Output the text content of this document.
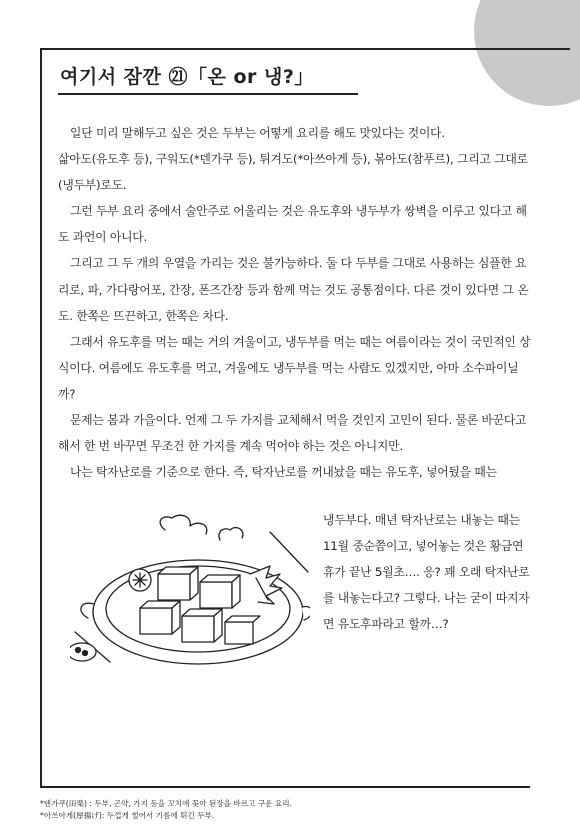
여기서 잠깐 ㉑「온 or 냉?」

일단 미리 말해두고 싶은 것은 두부는 어떻게 요리를 해도 맛있다는 것이다.

삶아도(유도후 등), 구워도(*덴가쿠 등), 튀겨도(*아쓰아게 등), 볶아도(참푸르), 그리고 그대로(냉두부)로도.

그런 두부 요리 중에서 술안주로 어울리는 것은 유도후와 냉두부가 쌍벽을 이루고 있다고 해도 과언이 아니다.

그리고 그 두 개의 우열을 가리는 것은 불가능하다. 둘 다 두부를 그대로 사용하는 심플한 요리로, 파, 가다랑어포, 간장, 폰즈간장 등과 함께 먹는 것도 공통점이다. 다른 것이 있다면 그 온도. 한쪽은 뜨끈하고, 한쪽은 차다.

그래서 유도후를 먹는 때는 거의 겨울이고, 냉두부를 먹는 때는 여름이라는 것이 국민적인 상식이다. 여름에도 유도후를 먹고, 겨울에도 냉두부를 먹는 사람도 있겠지만, 아마 소수파이닐까?

문제는 봄과 가을이다. 언제 그 두 가지를 교체해서 먹을 것인지 고민이 된다. 물론 바꾼다고 해서 한 번 바꾸면 무조건 한 가지를 계속 먹어야 하는 것은 아니지만.

나는 탁자난로를 기준으로 한다. 즉, 탁자난로를 꺼내놨을 때는 유도후, 넣어뒀을 때는

냉두부다. 매년 탁자난로는 내놓는 때는 11월 중순쯤이고, 넣어놓는 것은 황금연휴가 끝난 5월초…. 응? 꽤 오래 탁자난로를 내놓는다고? 그렇다. 나는 굳이 따지자면 유도후파라고 할까…?

*덴가쿠(田楽) : 두부, 곤약, 가지 등을 꼬치에 꽂아 된장을 바르고 구운 요리.
*아쓰아게(厚揚げ): 두껍게 썰어서 기름에 튀긴 두부.
